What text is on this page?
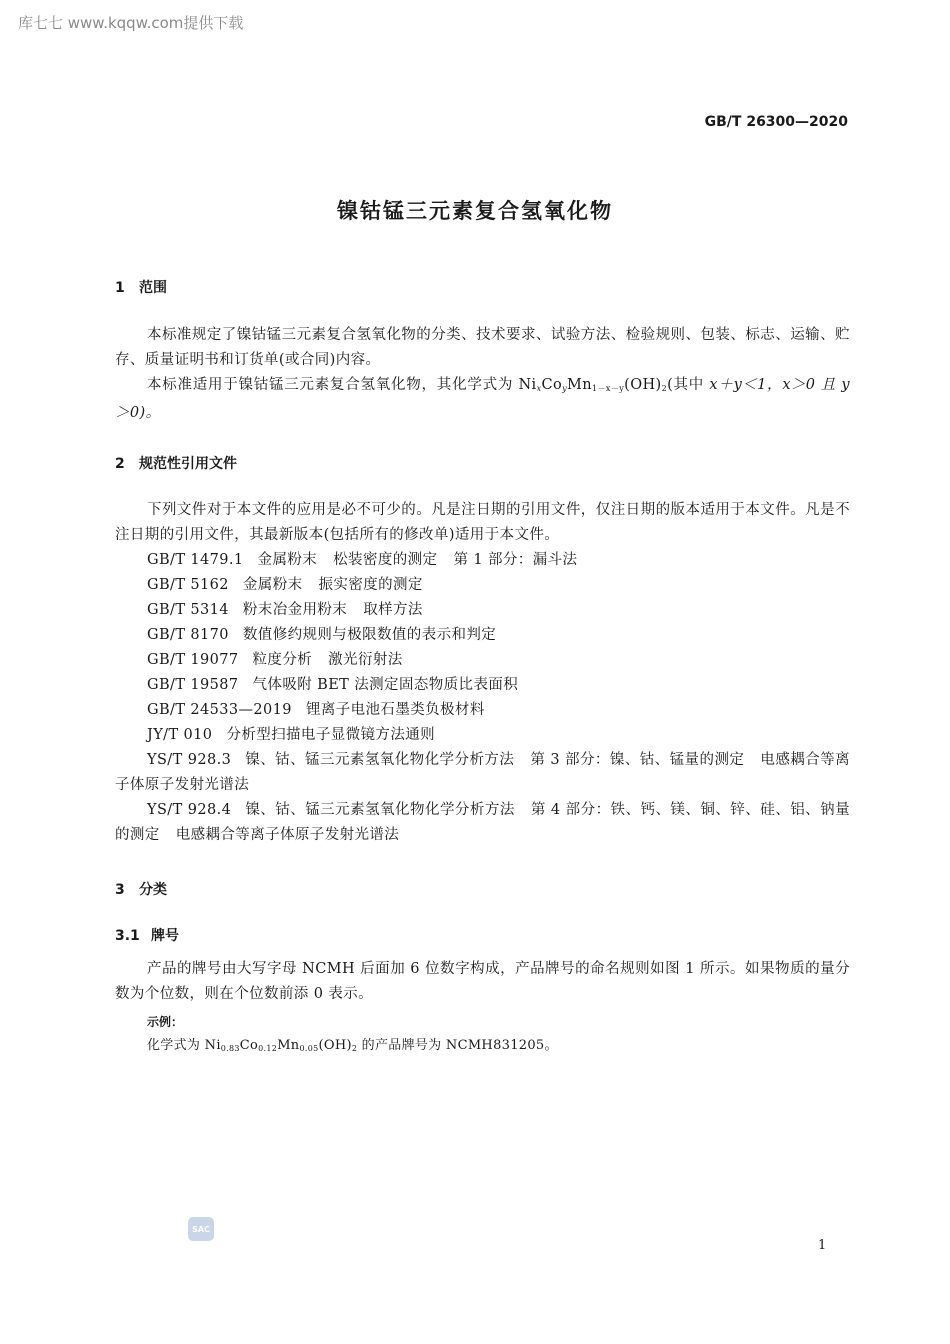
库七七 www.kqqw.com提供下载
GB/T 26300—2020
镍钴锰三元素复合氢氧化物
1 范围
本标准规定了镍钴锰三元素复合氢氧化物的分类、技术要求、试验方法、检验规则、包装、标志、运输、贮存、质量证明书和订货单(或合同)内容。
本标准适用于镍钴锰三元素复合氢氧化物，其化学式为 $Ni_xCo_yMn_{1-x-y}(OH)_2$(其中 x＋y＜1，x＞0 且 y＞0)。
2 规范性引用文件
下列文件对于本文件的应用是必不可少的。凡是注日期的引用文件，仅注日期的版本适用于本文件。凡是不注日期的引用文件，其最新版本(包括所有的修改单)适用于本文件。
GB/T 1479.1 金属粉末 松装密度的测定 第 1 部分：漏斗法
GB/T 5162 金属粉末 振实密度的测定
GB/T 5314 粉末冶金用粉末 取样方法
GB/T 8170 数值修约规则与极限数值的表示和判定
GB/T 19077 粒度分析 激光衍射法
GB/T 19587 气体吸附 BET 法测定固态物质比表面积
GB/T 24533—2019 锂离子电池石墨类负极材料
JY/T 010 分析型扫描电子显微镜方法通则
YS/T 928.3 镍、钴、锰三元素氢氧化物化学分析方法 第 3 部分：镍、钴、锰量的测定 电感耦合等离子体原子发射光谱法
YS/T 928.4 镍、钴、锰三元素氢氧化物化学分析方法 第 4 部分：铁、钙、镁、铜、锌、硅、铝、钠量的测定 电感耦合等离子体原子发射光谱法
3 分类
3.1 牌号
产品的牌号由大写字母 NCMH 后面加 6 位数字构成，产品牌号的命名规则如图 1 所示。如果物质的量分数为个位数，则在个位数前添 0 表示。
示例：
化学式为 $Ni_{0.83}Co_{0.12}Mn_{0.05}(OH)_2$ 的产品牌号为 NCMH831205。
SAC
1
